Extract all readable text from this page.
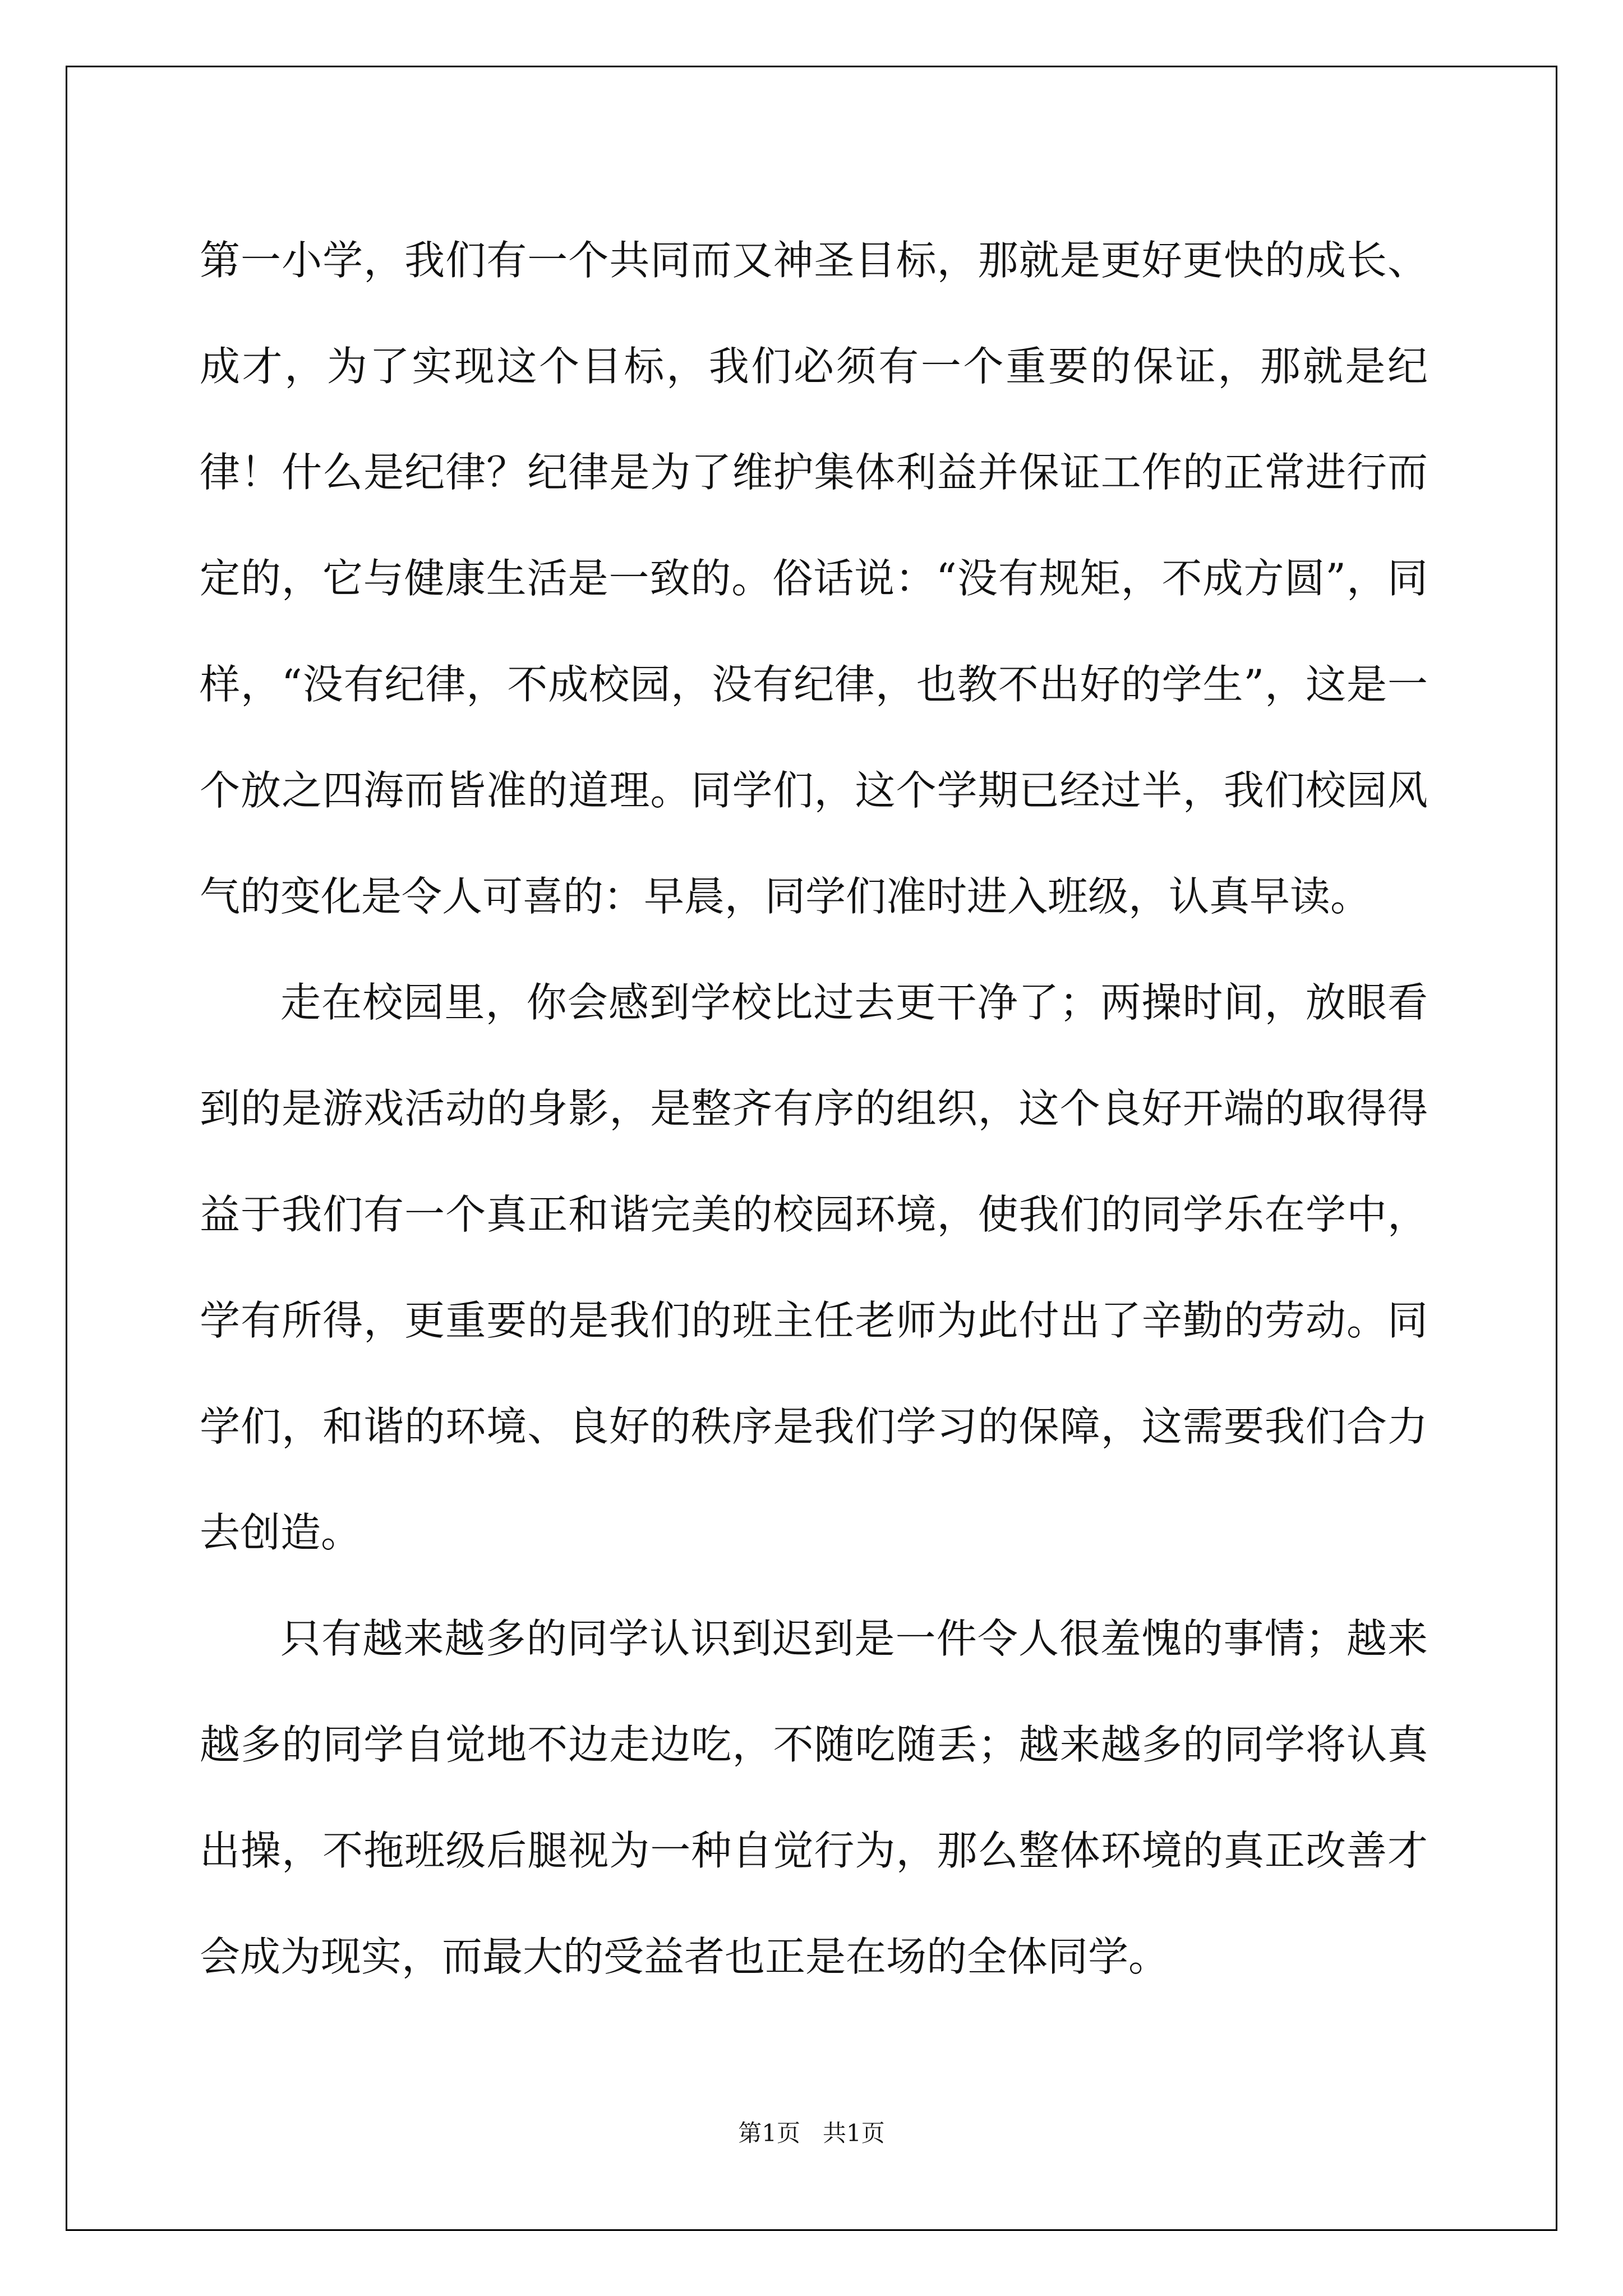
第一小学，我们有一个共同而又神圣目标，那就是更好更快的成长、成才，为了实现这个目标，我们必须有一个重要的保证，那就是纪律！什么是纪律？纪律是为了维护集体利益并保证工作的正常进行而定的，它与健康生活是一致的。俗话说：“没有规矩，不成方圆”，同样，“没有纪律，不成校园，没有纪律，也教不出好的学生”，这是一个放之四海而皆准的道理。同学们，这个学期已经过半，我们校园风气的变化是令人可喜的：早晨，同学们准时进入班级，认真早读。

走在校园里，你会感到学校比过去更干净了；两操时间，放眼看到的是游戏活动的身影，是整齐有序的组织，这个良好开端的取得得益于我们有一个真正和谐完美的校园环境，使我们的同学乐在学中，学有所得，更重要的是我们的班主任老师为此付出了辛勤的劳动。同学们，和谐的环境、良好的秩序是我们学习的保障，这需要我们合力去创造。

只有越来越多的同学认识到迟到是一件令人很羞愧的事情；越来越多的同学自觉地不边走边吃，不随吃随丢；越来越多的同学将认真出操，不拖班级后腿视为一种自觉行为，那么整体环境的真正改善才会成为现实，而最大的受益者也正是在场的全体同学。

第1页 共1页
